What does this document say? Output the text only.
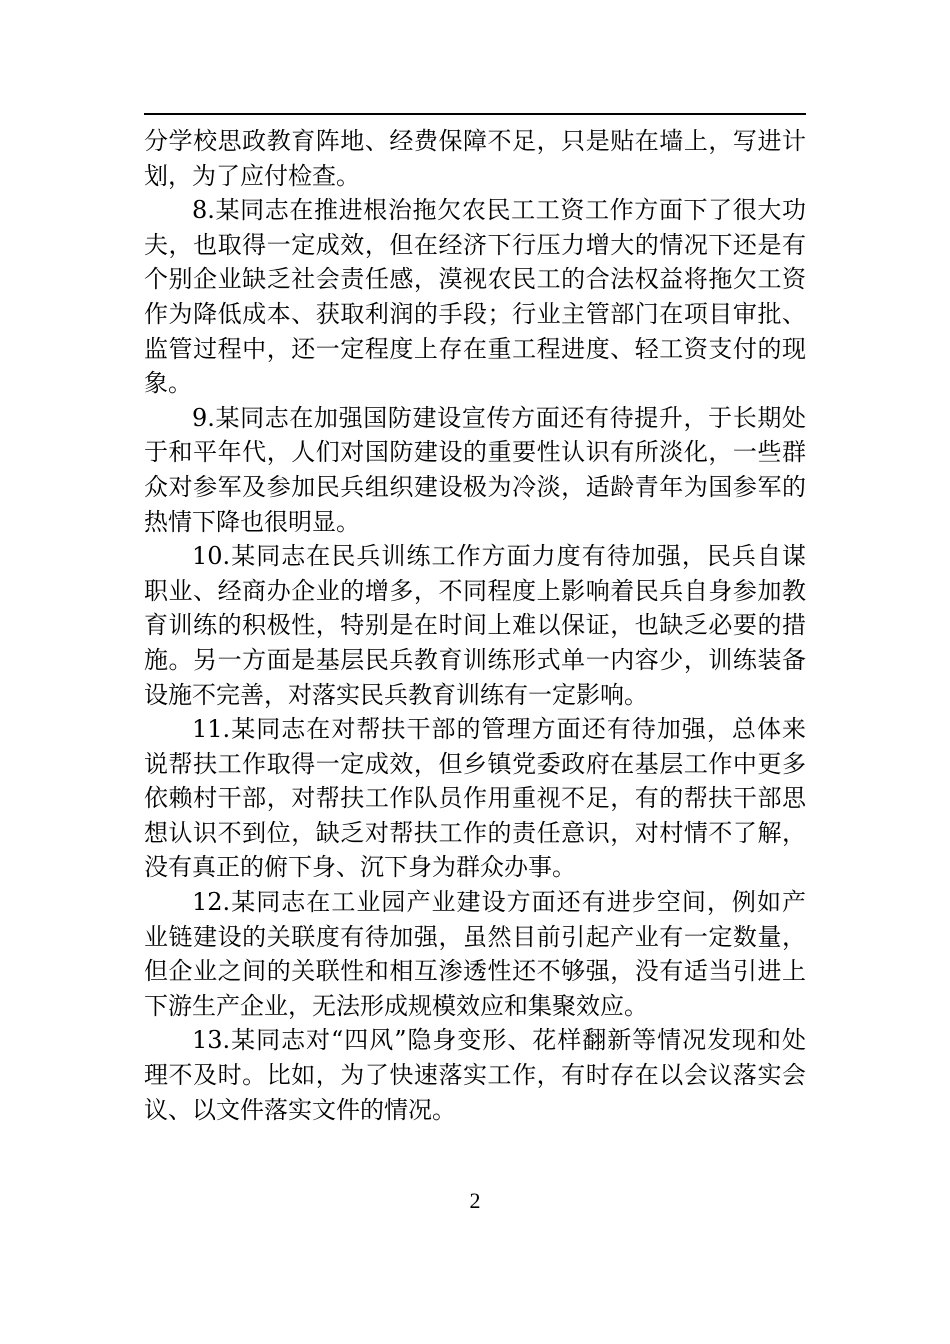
分学校思政教育阵地、经费保障不足，只是贴在墙上，写进计划，为了应付检查。

8.某同志在推进根治拖欠农民工工资工作方面下了很大功夫，也取得一定成效，但在经济下行压力增大的情况下还是有个别企业缺乏社会责任感，漠视农民工的合法权益将拖欠工资作为降低成本、获取利润的手段；行业主管部门在项目审批、监管过程中，还一定程度上存在重工程进度、轻工资支付的现象。

9.某同志在加强国防建设宣传方面还有待提升，于长期处于和平年代，人们对国防建设的重要性认识有所淡化，一些群众对参军及参加民兵组织建设极为冷淡，适龄青年为国参军的热情下降也很明显。

10.某同志在民兵训练工作方面力度有待加强，民兵自谋职业、经商办企业的增多，不同程度上影响着民兵自身参加教育训练的积极性，特别是在时间上难以保证，也缺乏必要的措施。另一方面是基层民兵教育训练形式单一内容少，训练装备设施不完善，对落实民兵教育训练有一定影响。

11.某同志在对帮扶干部的管理方面还有待加强，总体来说帮扶工作取得一定成效，但乡镇党委政府在基层工作中更多依赖村干部，对帮扶工作队员作用重视不足，有的帮扶干部思想认识不到位，缺乏对帮扶工作的责任意识，对村情不了解，没有真正的俯下身、沉下身为群众办事。

12.某同志在工业园产业建设方面还有进步空间，例如产业链建设的关联度有待加强，虽然目前引起产业有一定数量，但企业之间的关联性和相互渗透性还不够强，没有适当引进上下游生产企业，无法形成规模效应和集聚效应。

13.某同志对“四风”隐身变形、花样翻新等情况发现和处理不及时。比如，为了快速落实工作，有时存在以会议落实会议、以文件落实文件的情况。

2
